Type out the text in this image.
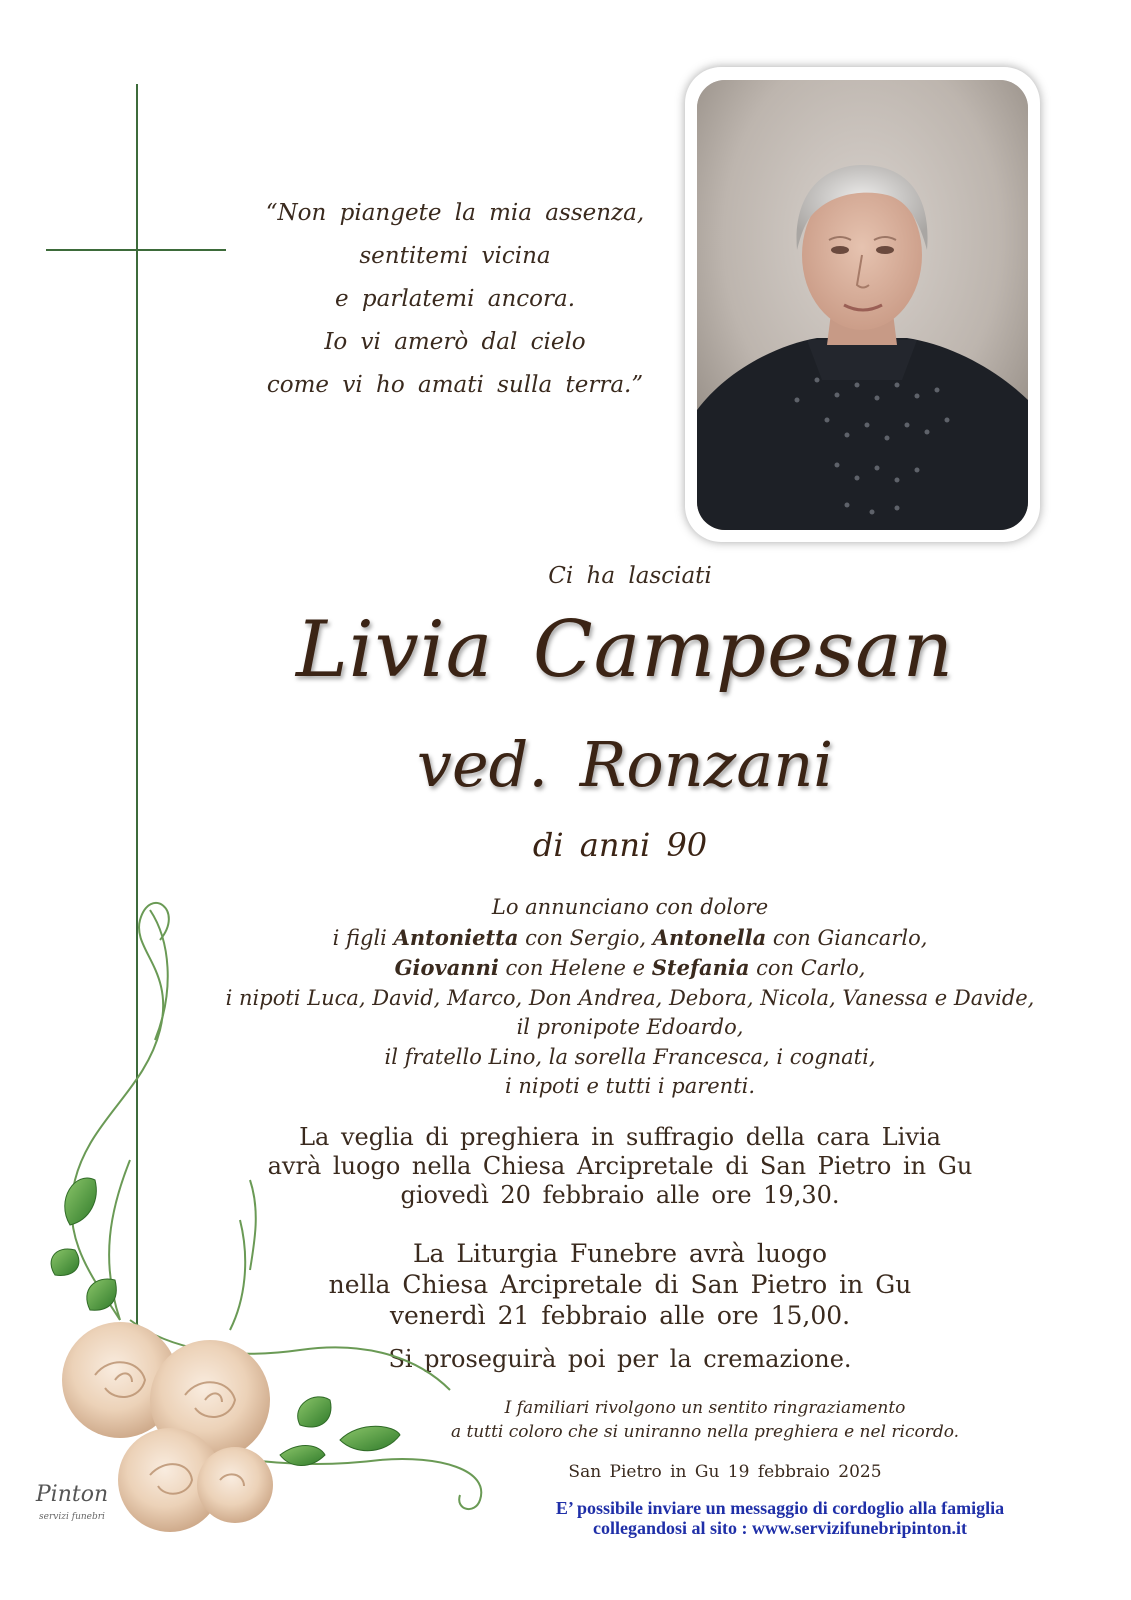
“Non piangete la mia assenza,
sentitemi vicina
e parlatemi ancora.
Io vi amerò dal cielo
come vi ho amati sulla terra.”
Ci ha lasciati
Livia Campesan
ved. Ronzani
di anni 90
Lo annunciano con dolore
i figli Antonietta con Sergio, Antonella con Giancarlo,
Giovanni con Helene e Stefania con Carlo,
i nipoti Luca, David, Marco, Don Andrea, Debora, Nicola, Vanessa e Davide,
il pronipote Edoardo,
il fratello Lino, la sorella Francesca, i cognati,
i nipoti e tutti i parenti.
La veglia di preghiera in suffragio della cara Livia
avrà luogo nella Chiesa Arcipretale di San Pietro in Gu
giovedì 20 febbraio alle ore 19,30.
La Liturgia Funebre avrà luogo
nella Chiesa Arcipretale di San Pietro in Gu
venerdì 21 febbraio alle ore 15,00.
Si proseguirà poi per la cremazione.
I familiari rivolgono un sentito ringraziamento
a tutti coloro che si uniranno nella preghiera e nel ricordo.
San Pietro in Gu 19 febbraio 2025
E’ possibile inviare un messaggio di cordoglio alla famiglia
collegandosi al sito : www.servizifunebripinton.it
Pinton
servizi funebri
